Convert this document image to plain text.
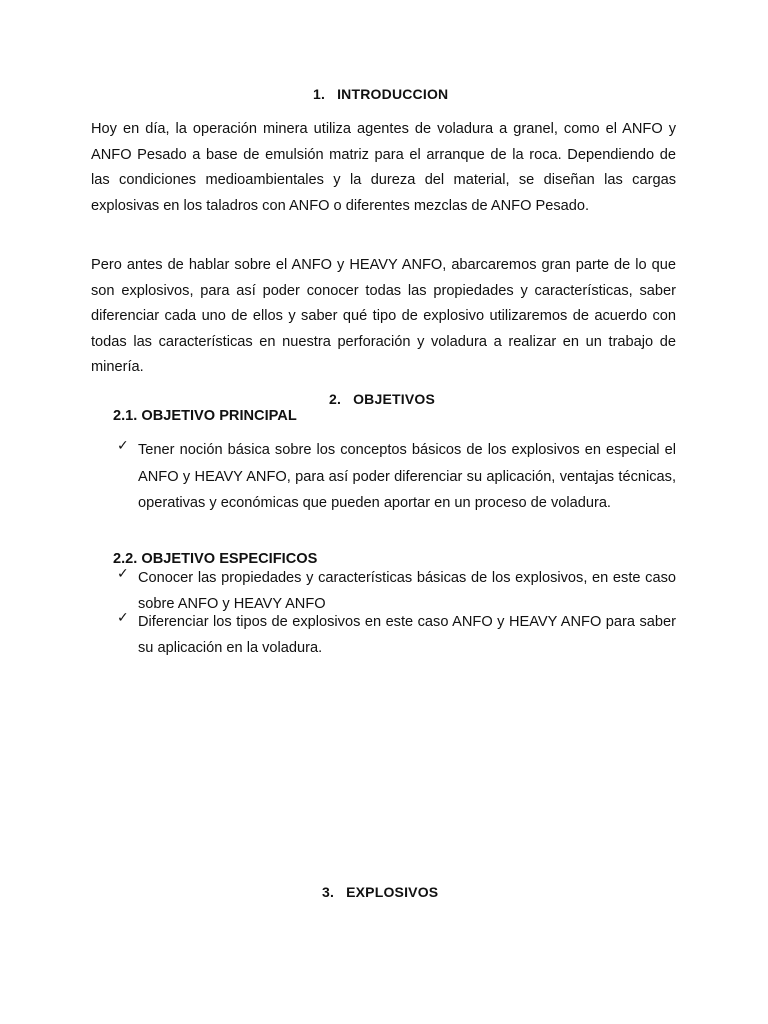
1. INTRODUCCION

Hoy en día, la operación minera utiliza agentes de voladura a granel, como el ANFO y ANFO Pesado a base de emulsión matriz para el arranque de la roca. Dependiendo de las condiciones medioambientales y la dureza del material, se diseñan las cargas explosivas en los taladros con ANFO o diferentes mezclas de ANFO Pesado.

Pero antes de hablar sobre el ANFO y HEAVY ANFO, abarcaremos gran parte de lo que son explosivos, para así poder conocer todas las propiedades y características, saber diferenciar cada uno de ellos y saber qué tipo de explosivo utilizaremos de acuerdo con todas las características en nuestra perforación y voladura a realizar en un trabajo de minería.

2. OBJETIVOS
2.1. OBJETIVO PRINCIPAL
✓ Tener noción básica sobre los conceptos básicos de los explosivos en especial el ANFO y HEAVY ANFO, para así poder diferenciar su aplicación, ventajas técnicas, operativas y económicas que pueden aportar en un proceso de voladura.
2.2. OBJETIVO ESPECIFICOS
✓ Conocer las propiedades y características básicas de los explosivos, en este caso sobre ANFO y HEAVY ANFO
✓ Diferenciar los tipos de explosivos en este caso ANFO y HEAVY ANFO para saber su aplicación en la voladura.
3. EXPLOSIVOS
